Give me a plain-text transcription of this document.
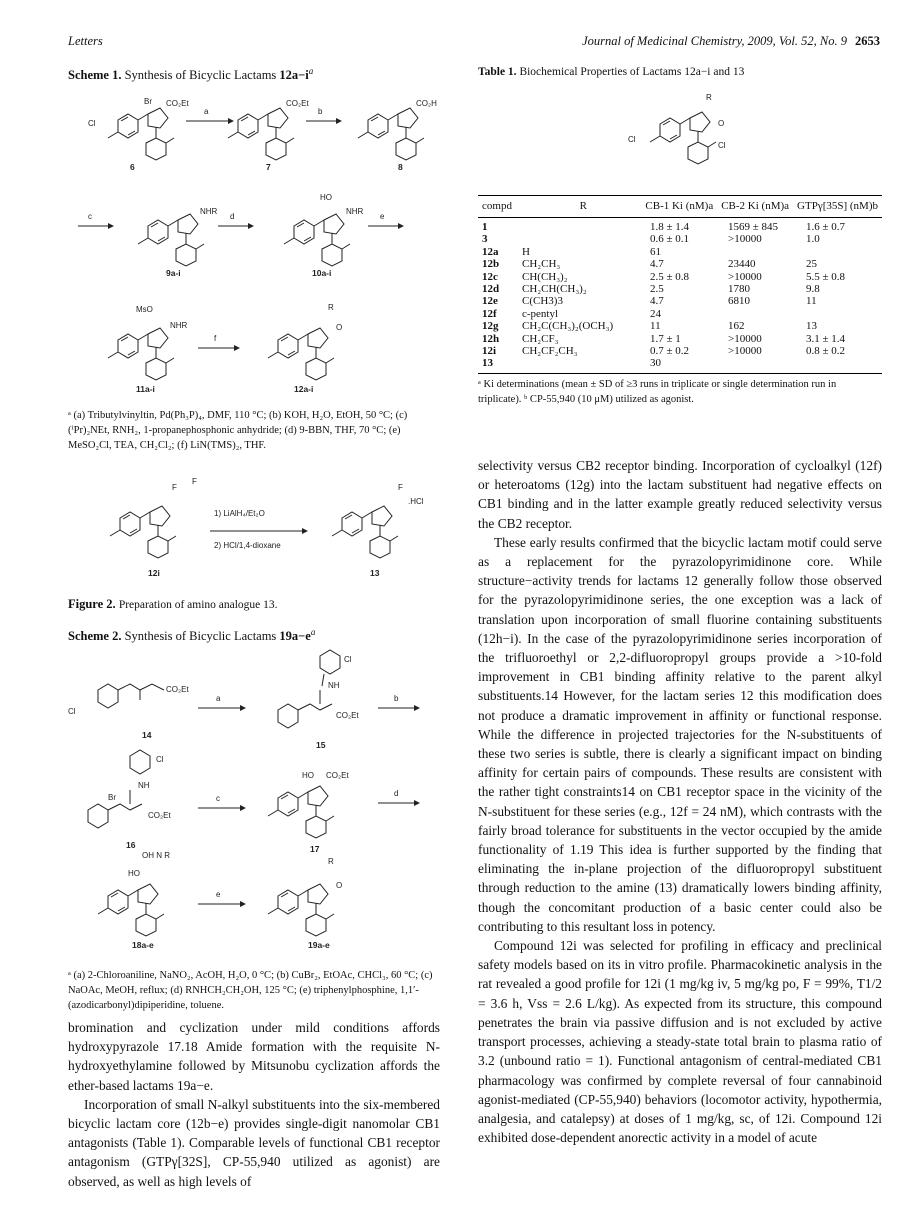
Letters	Journal of Medicinal Chemistry, 2009, Vol. 52, No. 9 2653
Scheme 1. Synthesis of Bicyclic Lactams $12a-i^a$
Cl
Br CO₂Et
6
a
CO₂Et
7
b
CO₂H
8
c
NHR
9a-i
d
NHR
HO
10a-i
e
NHR
MsO
11a-i
f
R
O
12a-i
ᵃ (a) Tributylvinyltin, Pd(Ph₃P)₄, DMF, 110 °C; (b) KOH, H₂O, EtOH, 50 °C; (c) (ⁱPr)₂NEt, RNH₂, 1-propanephosphonic anhydride; (d) 9-BBN, THF, 70 °C; (e) MeSO₂Cl, TEA, CH₂Cl₂; (f) LiN(TMS)₂, THF.
F
F
12i
1) LiAlH₄/Et₂O
2) HCl/1,4-dioxane
F
.HCl
13
Figure 2. Preparation of amino analogue 13.
Scheme 2. Synthesis of Bicyclic Lactams $19a-e^a$
Cl
CO₂Et
14
a
NH
Cl
CO₂Et
15
b
Br
NH
Cl
CO₂Et
16
c
HO CO₂Et
17
d
HO
OH N R
18a-e
e
R
O
19a-e
ᵃ (a) 2-Chloroaniline, NaNO₂, AcOH, H₂O, 0 °C; (b) CuBr₂, EtOAc, CHCl₃, 60 °C; (c) NaOAc, MeOH, reflux; (d) RNHCH₂CH₂OH, 125 °C; (e) triphenylphosphine, 1,1′-(azodicarbonyl)dipiperidine, toluene.

bromination and cyclization under mild conditions affords hydroxypyrazole 17.18 Amide formation with the requisite N-hydroxyethylamine followed by Mitsunobu cyclization affords the ether-based lactams 19a−e.

Incorporation of small N-alkyl substituents into the six-membered bicyclic lactam core (12b−e) provides single-digit nanomolar CB1 antagonists (Table 1). Comparable levels of functional CB1 receptor antagonism (GTPγ[32S], CP-55,940 utilized as agonist) are observed, as well as high levels of

Table 1. Biochemical Properties of Lactams 12a−i and 13
Cl
R
O
Cl
compd	R	CB-1 Ki (nM)a	CB-2 Ki (nM)a	GTPγ[35S] (nM)b
1		1.8 ± 1.4	1569 ± 845	1.6 ± 0.7
3		0.6 ± 0.1	>10000	1.0
12a	H	61		
12b	CH₂CH₃	4.7	23440	25
12c	CH(CH₃)₂	2.5 ± 0.8	>10000	5.5 ± 0.8
12d	CH₂CH(CH₃)₂	2.5	1780	9.8
12e	C(CH3)3	4.7	6810	11
12f	c-pentyl	24		
12g	CH₂C(CH₃)₂(OCH₃)	11	162	13
12h	CH₂CF₃	1.7 ± 1	>10000	3.1 ± 1.4
12i	CH₂CF₂CH₃	0.7 ± 0.2	>10000	0.8 ± 0.2
13		30		
ᵃ Ki determinations (mean ± SD of ≥3 runs in triplicate or single determination run in triplicate). ᵇ CP-55,940 (10 μM) utilized as agonist.

selectivity versus CB2 receptor binding. Incorporation of cycloalkyl (12f) or heteroatoms (12g) into the lactam substituent had negative effects on CB1 binding and in the latter example greatly reduced selectivity versus the CB2 receptor.

These early results confirmed that the bicyclic lactam motif could serve as a replacement for the pyrazolopyrimidinone core. While structure−activity trends for lactams 12 generally follow those observed for the pyrazolopyrimidinone series, the one exception was a lack of translation upon incorporation of small fluorine containing substituents (12h−i). In the case of the pyrazolopyrimidinone series incorporation of the trifluoroethyl or 2,2-difluoropropyl groups provide a >10-fold improvement in CB1 binding affinity relative to the parent alkyl substituents.14 However, for the lactam series 12 this modification does not produce a dramatic improvement in affinity or functional response. While the difference in projected trajectories for the N-substituents of these two series is subtle, there is clearly a significant impact on binding affinity for certain pairs of compounds. These results are consistent with the rather tight constraints14 on CB1 receptor space in the vicinity of the N-substituent for these series (e.g., 12f = 24 nM), which contrasts with the fairly broad tolerance for substituents in the vector occupied by the amide functionality of 1.19 This idea is further supported by the finding that eliminating the in-plane projection of the difluoropropyl substituent through reduction to the amine (13) dramatically lowers binding affinity, though the concomitant production of a basic center could also be contributing to this resultant loss in potency.

Compound 12i was selected for profiling in efficacy and preclinical safety models based on its in vitro profile. Pharmacokinetic analysis in the rat revealed a good profile for 12i (1 mg/kg iv, 5 mg/kg po, F = 99%, T1/2 = 3.6 h, Vss = 2.6 L/kg). As expected from its structure, this compound penetrates the brain via passive diffusion and is not excluded by active transport processes, achieving a steady-state total brain to plasma ratio of 3.2 (unbound ratio = 1). Functional antagonism of central-mediated CB1 pharmacology was confirmed by complete reversal of four cannabinoid agonist-mediated (CP-55,940) behaviors (locomotor activity, hypothermia, analgesia, and catalepsy) at doses of 1 mg/kg, sc, of 12i. Compound 12i exhibited dose-dependent anorectic activity in a model of acute
